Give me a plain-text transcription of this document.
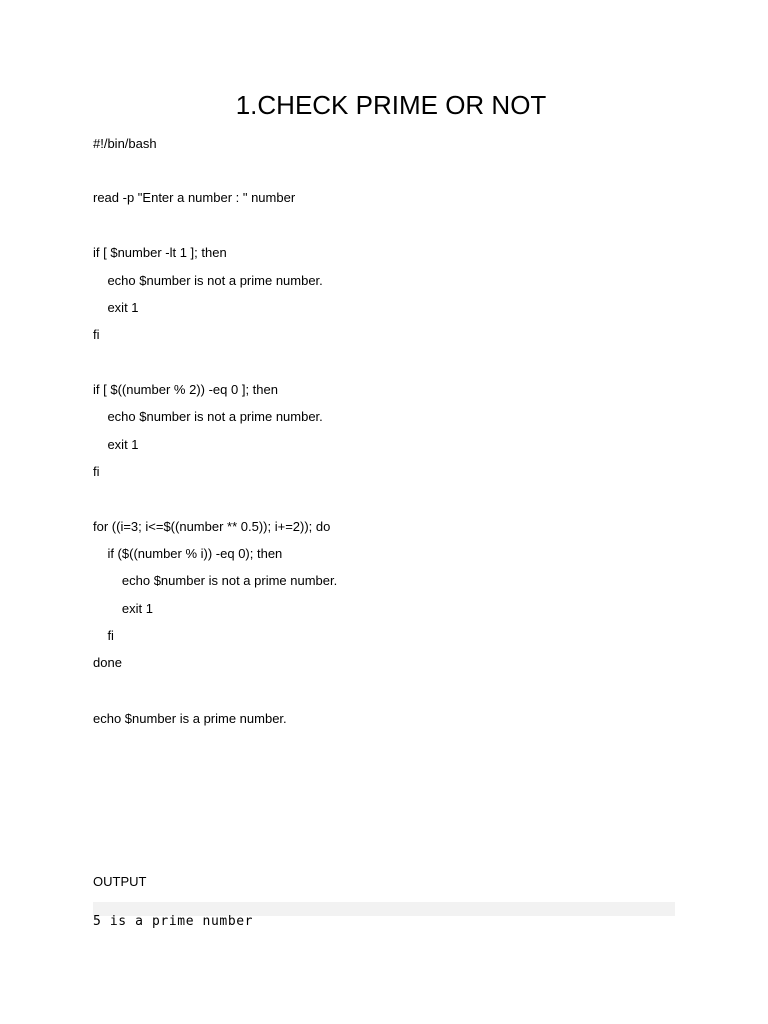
1.CHECK PRIME OR NOT
#!/bin/bash
read -p "Enter a number : " number
if [ $number -lt 1 ]; then
echo $number is not a prime number.
exit 1
fi
if [ $((number % 2)) -eq 0 ]; then
echo $number is not a prime number.
exit 1
fi
for ((i=3; i<=$((number ** 0.5)); i+=2)); do
if ($((number % i)) -eq 0); then
echo $number is not a prime number.
exit 1
fi
done
echo $number is a prime number.
OUTPUT
5 is a prime number
